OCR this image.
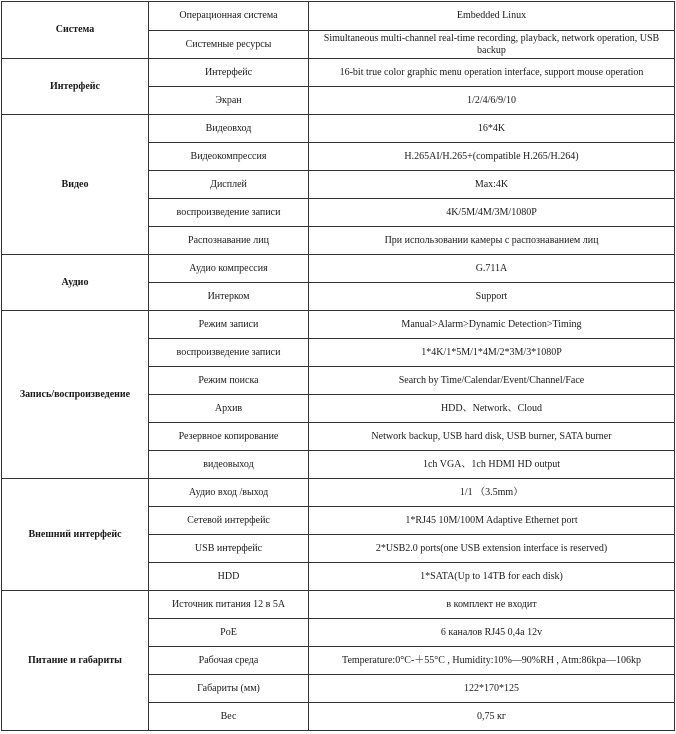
Система	Операционная система	Embedded Linux
	Системные ресурсы	Simultaneous multi-channel real-time recording, playback, network operation, USB backup
Интерфейс	Интерфейс	16-bit true color graphic menu operation interface, support mouse operation
	Экран	1/2/4/6/9/10
Видео	Видеовход	16*4K
	Видеокомпрессия	H.265AI/H.265+(compatible H.265/H.264)
	Дисплей	Max:4K
	воспроизведение записи	4K/5M/4M/3M/1080P
	Распознавание лиц	При использовании камеры с распознаванием лиц
Аудио	Аудио компрессия	G.711A
	Интерком	Support
Запись/воспроизведение	Режим записи	Manual>Alarm>Dynamic Detection>Timing
	воспроизведение записи	1*4K/1*5M/1*4M/2*3M/3*1080P
	Режим поиска	Search by Time/Calendar/Event/Channel/Face
	Архив	HDD、Network、Cloud
	Резервное копирование	Network backup, USB hard disk, USB burner, SATA burner
	видеовыход	1ch VGA、1ch HDMI HD output
Внешний интерфейс	Аудио вход /выход	1/1 （3.5mm）
	Сетевой интерфейс	1*RJ45 10M/100M Adaptive Ethernet port
	USB интерфейс	2*USB2.0 ports(one USB extension interface is reserved)
	HDD	1*SATA(Up to 14TB for each disk)
Питание и габариты	Источник питания 12 в 5А	в комплект не входит
	PoE	6 каналов RJ45 0,4а 12v
	Рабочая среда	Temperature:0°C-＋55°C , Humidity:10%—90%RH , Atm:86kpa—106kp
	Габариты (мм)	122*170*125
	Вес	0,75 кг
